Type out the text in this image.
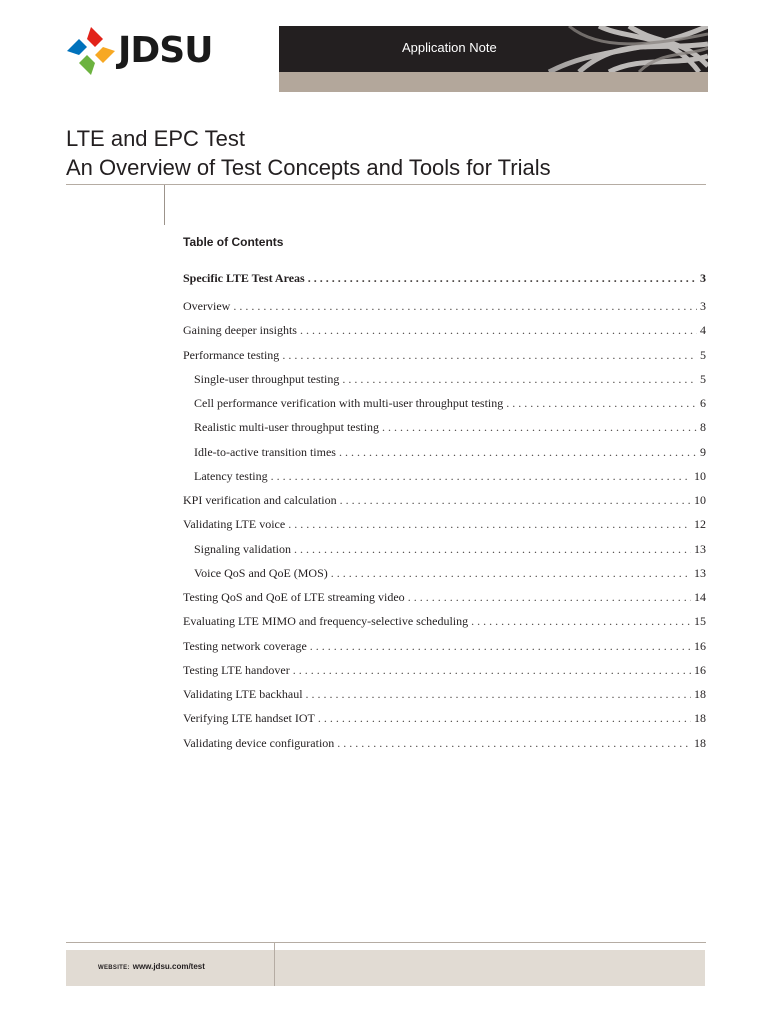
JDSU	Application Note
LTE and EPC Test
An Overview of Test Concepts and Tools for Trials
Table of Contents
Specific LTE Test Areas . . .	3
Overview . . .	3
Gaining deeper insights . . .	4
Performance testing . . .	5
Single-user throughput testing . . .	5
Cell performance verification with multi-user throughput testing . . .	6
Realistic multi-user throughput testing . . .	8
Idle-to-active transition times . . .	9
Latency testing . . .	10
KPI verification and calculation . . .	10
Validating LTE voice . . .	12
Signaling validation . . .	13
Voice QoS and QoE (MOS) . . .	13
Testing QoS and QoE of LTE streaming video . . .	14
Evaluating LTE MIMO and frequency-selective scheduling . . .	15
Testing network coverage . . .	16
Testing LTE handover . . .	16
Validating LTE backhaul . . .	18
Verifying LTE handset IOT . . .	18
Validating device configuration . . .	18
WEBSITE: www.jdsu.com/test
